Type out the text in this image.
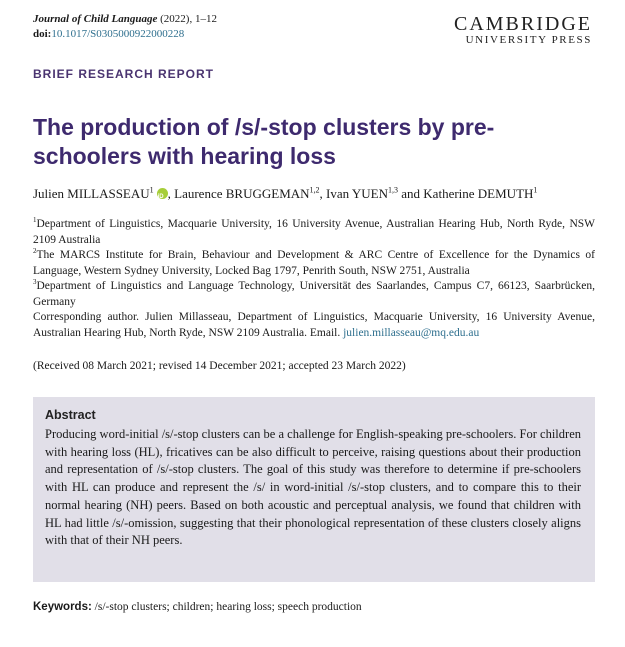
Journal of Child Language (2022), 1–12
doi:10.1017/S0305000922000228	CAMBRIDGE
UNIVERSITY PRESS
BRIEF RESEARCH REPORT
The production of /s/-stop clusters by pre-schoolers with hearing loss
Julien MILLASSEAU$^1$iD , Laurence BRUGGEMAN$^{1,2}$, Ivan YUEN$^{1,3}$ and Katherine DEMUTH$^1$

$^1$Department of Linguistics, Macquarie University, 16 University Avenue, Australian Hearing Hub, North Ryde, NSW 2109 Australia

$^2$The MARCS Institute for Brain, Behaviour and Development & ARC Centre of Excellence for the Dynamics of Language, Western Sydney University, Locked Bag 1797, Penrith South, NSW 2751, Australia

$^3$Department of Linguistics and Language Technology, Universität des Saarlandes, Campus C7, 66123, Saarbrücken, Germany

Corresponding author. Julien Millasseau, Department of Linguistics, Macquarie University, 16 University Avenue, Australian Hearing Hub, North Ryde, NSW 2109 Australia. Email. julien.millasseau@mq.edu.au

(Received 08 March 2021; revised 14 December 2021; accepted 23 March 2022)
Abstract
Producing word-initial /s/-stop clusters can be a challenge for English-speaking pre-schoolers. For children with hearing loss (HL), fricatives can be also difficult to perceive, raising questions about their production and representation of /s/-stop clusters. The goal of this study was therefore to determine if pre-schoolers with HL can produce and represent the /s/ in word-initial /s/-stop clusters, and to compare this to their normal hearing (NH) peers. Based on both acoustic and perceptual analysis, we found that children with HL had little /s/-omission, suggesting that their phonological representation of these clusters closely aligns with that of their NH peers.
Keywords: /s/-stop clusters; children; hearing loss; speech production
